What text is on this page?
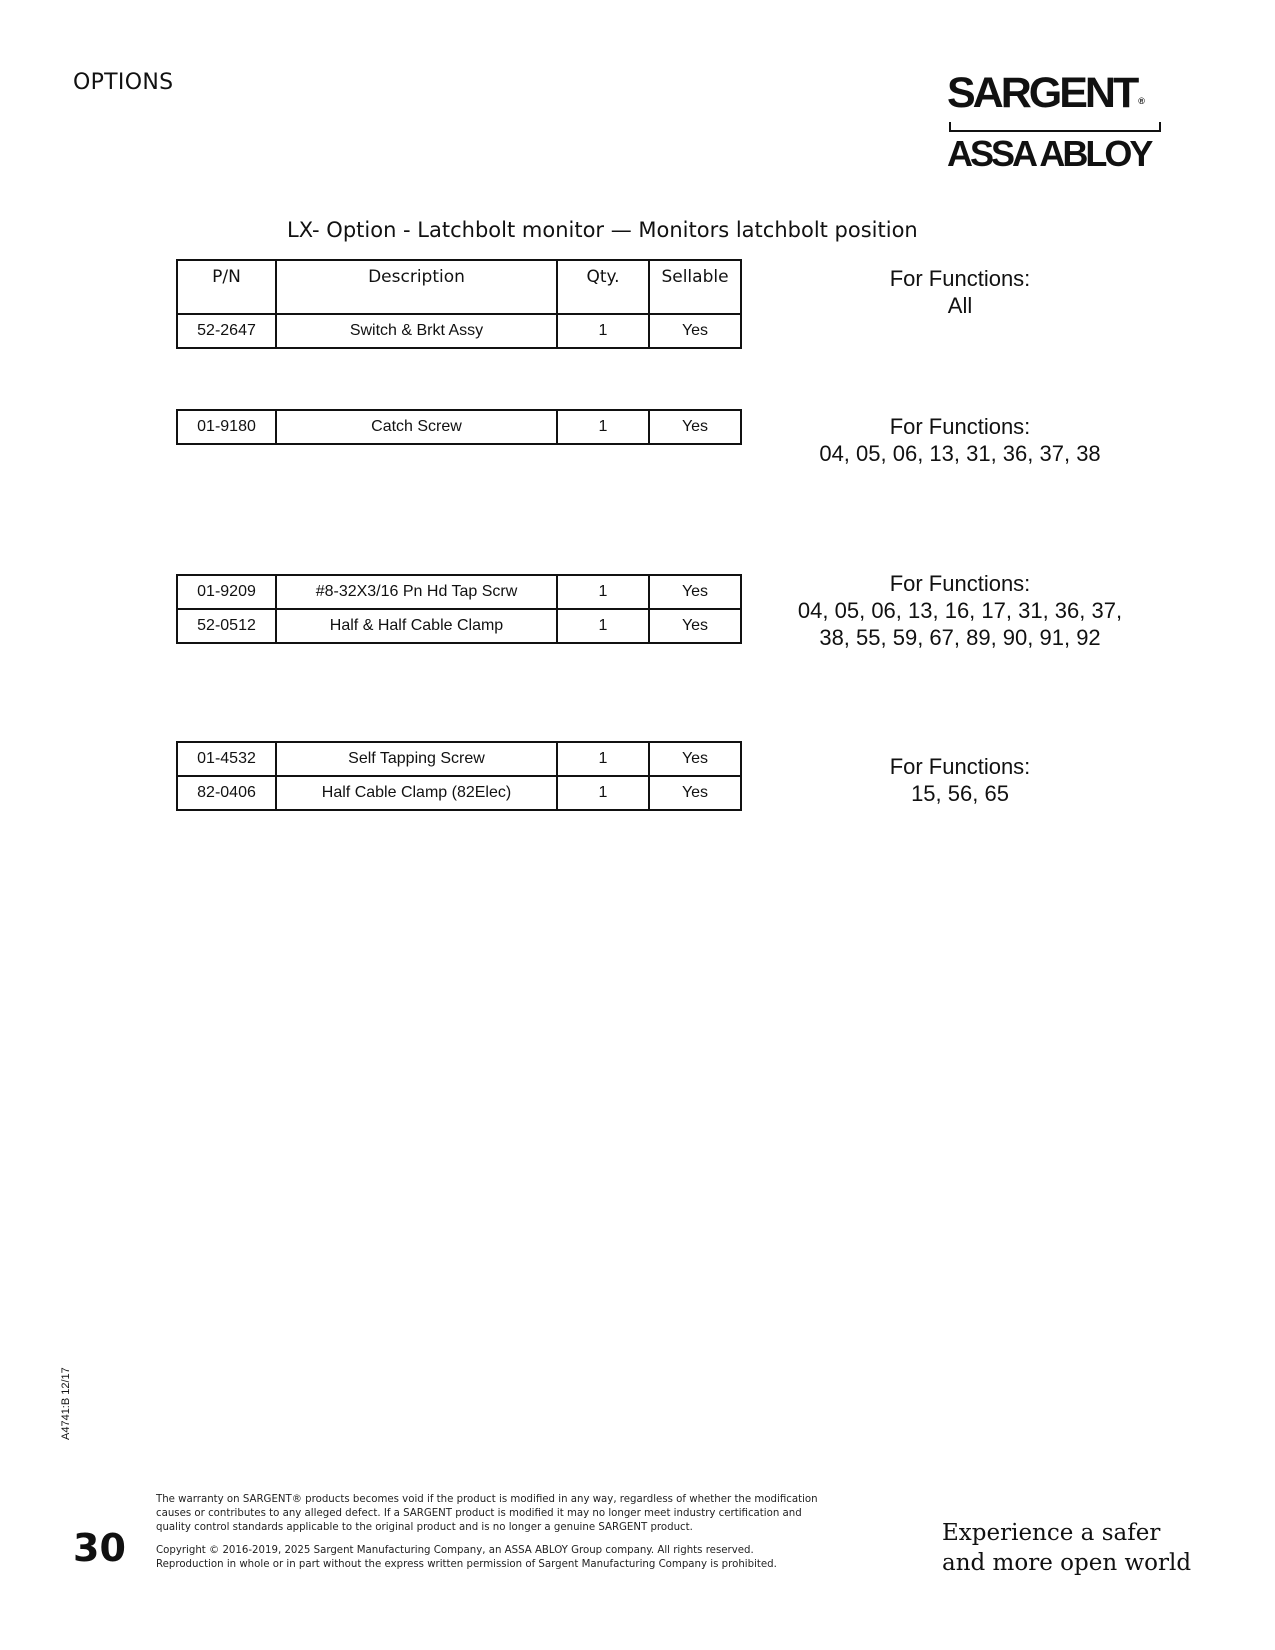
OPTIONS	SARGENT ®
ASSA ABLOY
LX- Option - Latchbolt monitor — Monitors latchbolt position
P/N	Description	Qty.	Sellable
52-2647	Switch & Brkt Assy	1	Yes
For Functions:
All
01-9180	Catch Screw	1	Yes	For Functions:
04, 05, 06, 13, 31, 36, 37, 38
01-9209	#8-32X3/16 Pn Hd Tap Scrw	1	Yes
52-0512	Half & Half Cable Clamp	1	Yes
For Functions:
04, 05, 06, 13, 16, 17, 31, 36, 37,
38, 55, 59, 67, 89, 90, 91, 92
01-4532	Self Tapping Screw	1	Yes
82-0406	Half Cable Clamp (82Elec)	1	Yes
For Functions:
15, 56, 65
A4741:B 12/17
30
The warranty on SARGENT® products becomes void if the product is modified in any way, regardless of whether the modification causes or contributes to any alleged defect. If a SARGENT product is modified it may no longer meet industry certification and quality control standards applicable to the original product and is no longer a genuine SARGENT product.
Copyright © 2016-2019, 2025 Sargent Manufacturing Company, an ASSA ABLOY Group company. All rights reserved.
Reproduction in whole or in part without the express written permission of Sargent Manufacturing Company is prohibited.
Experience a safer
and more open world
